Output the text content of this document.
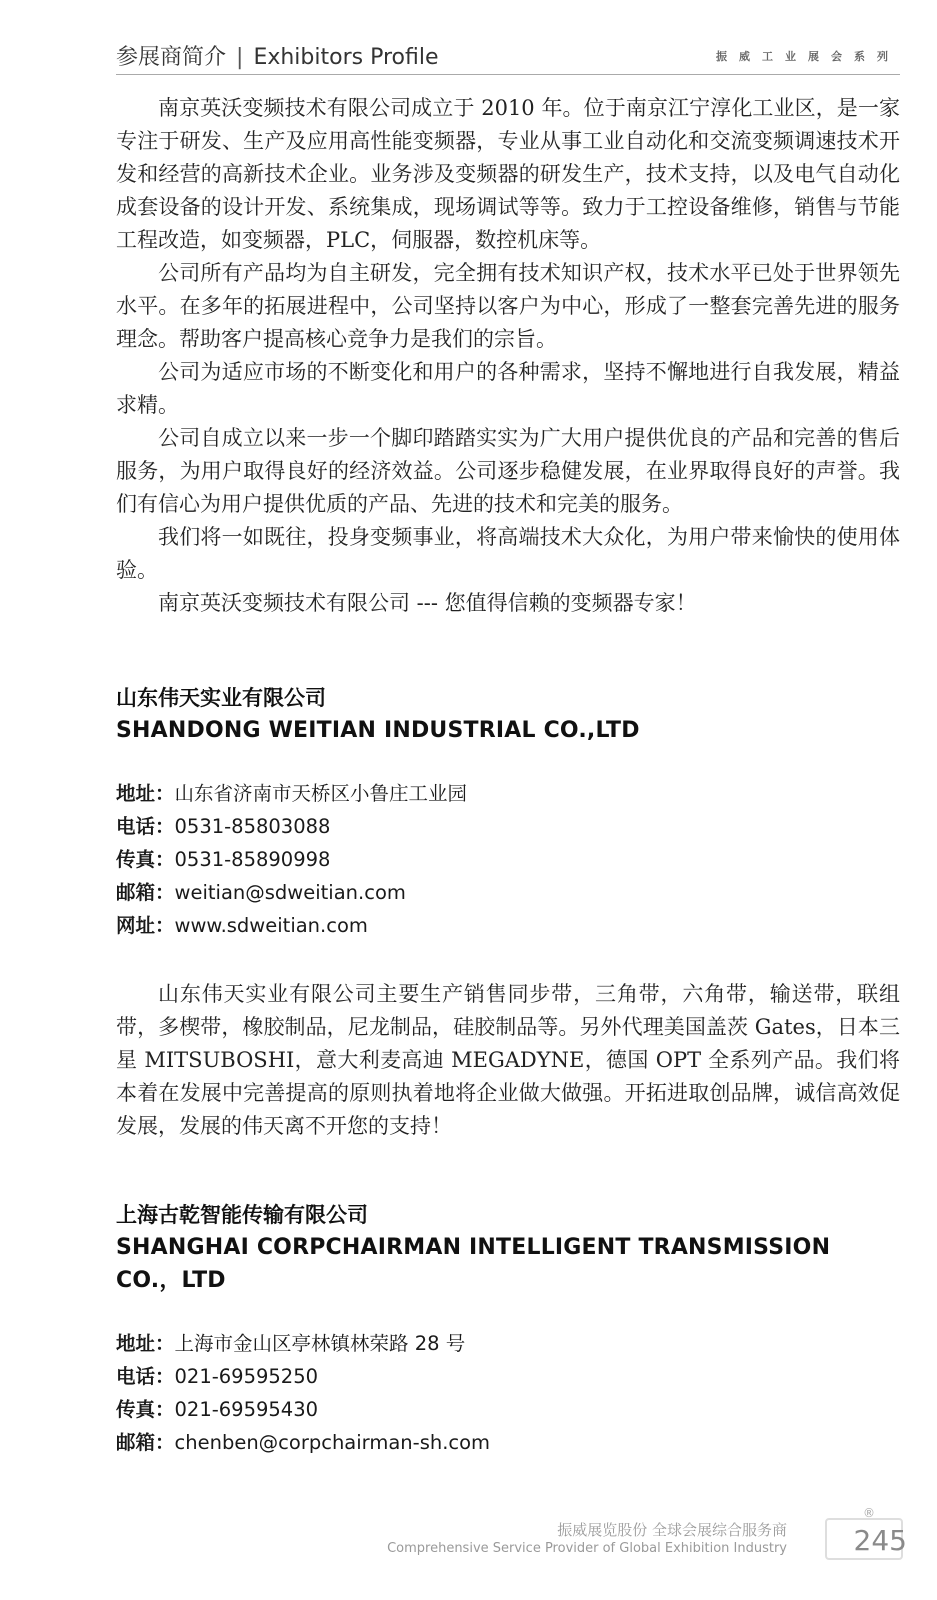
参展商简介 | Exhibitors Profile	振威工业展会系列

南京英沃变频技术有限公司成立于 2010 年。位于南京江宁淳化工业区，是一家专注于研发、生产及应用高性能变频器，专业从事工业自动化和交流变频调速技术开发和经营的高新技术企业。业务涉及变频器的研发生产，技术支持，以及电气自动化成套设备的设计开发、系统集成，现场调试等等。致力于工控设备维修，销售与节能工程改造，如变频器，PLC，伺服器，数控机床等。

公司所有产品均为自主研发，完全拥有技术知识产权，技术水平已处于世界领先水平。在多年的拓展进程中，公司坚持以客户为中心，形成了一整套完善先进的服务理念。帮助客户提高核心竞争力是我们的宗旨。

公司为适应市场的不断变化和用户的各种需求，坚持不懈地进行自我发展，精益求精。

公司自成立以来一步一个脚印踏踏实实为广大用户提供优良的产品和完善的售后服务，为用户取得良好的经济效益。公司逐步稳健发展，在业界取得良好的声誉。我们有信心为用户提供优质的产品、先进的技术和完美的服务。

我们将一如既往，投身变频事业，将高端技术大众化，为用户带来愉快的使用体验。

南京英沃变频技术有限公司 --- 您值得信赖的变频器专家！

山东伟天实业有限公司
SHANDONG WEITIAN INDUSTRIAL CO.,LTD
地址：山东省济南市天桥区小鲁庄工业园
电话：0531-85803088
传真：0531-85890998
邮箱：weitian@sdweitian.com
网址：www.sdweitian.com

山东伟天实业有限公司主要生产销售同步带，三角带，六角带，输送带，联组带，多楔带，橡胶制品，尼龙制品，硅胶制品等。另外代理美国盖茨 Gates，日本三星 MITSUBOSHI，意大利麦高迪 MEGADYNE，德国 OPT 全系列产品。我们将本着在发展中完善提高的原则执着地将企业做大做强。开拓进取创品牌，诚信高效促发展，发展的伟天离不开您的支持！

上海古乾智能传输有限公司
SHANGHAI CORPCHAIRMAN INTELLIGENT TRANSMISSION CO.，LTD
地址：上海市金山区亭林镇林荣路 28 号
电话：021-69595250
传真：021-69595430
邮箱：chenben@corpchairman-sh.com
振威展览股份 全球会展综合服务商
Comprehensive Service Provider of Global Exhibition Industry
®
245
